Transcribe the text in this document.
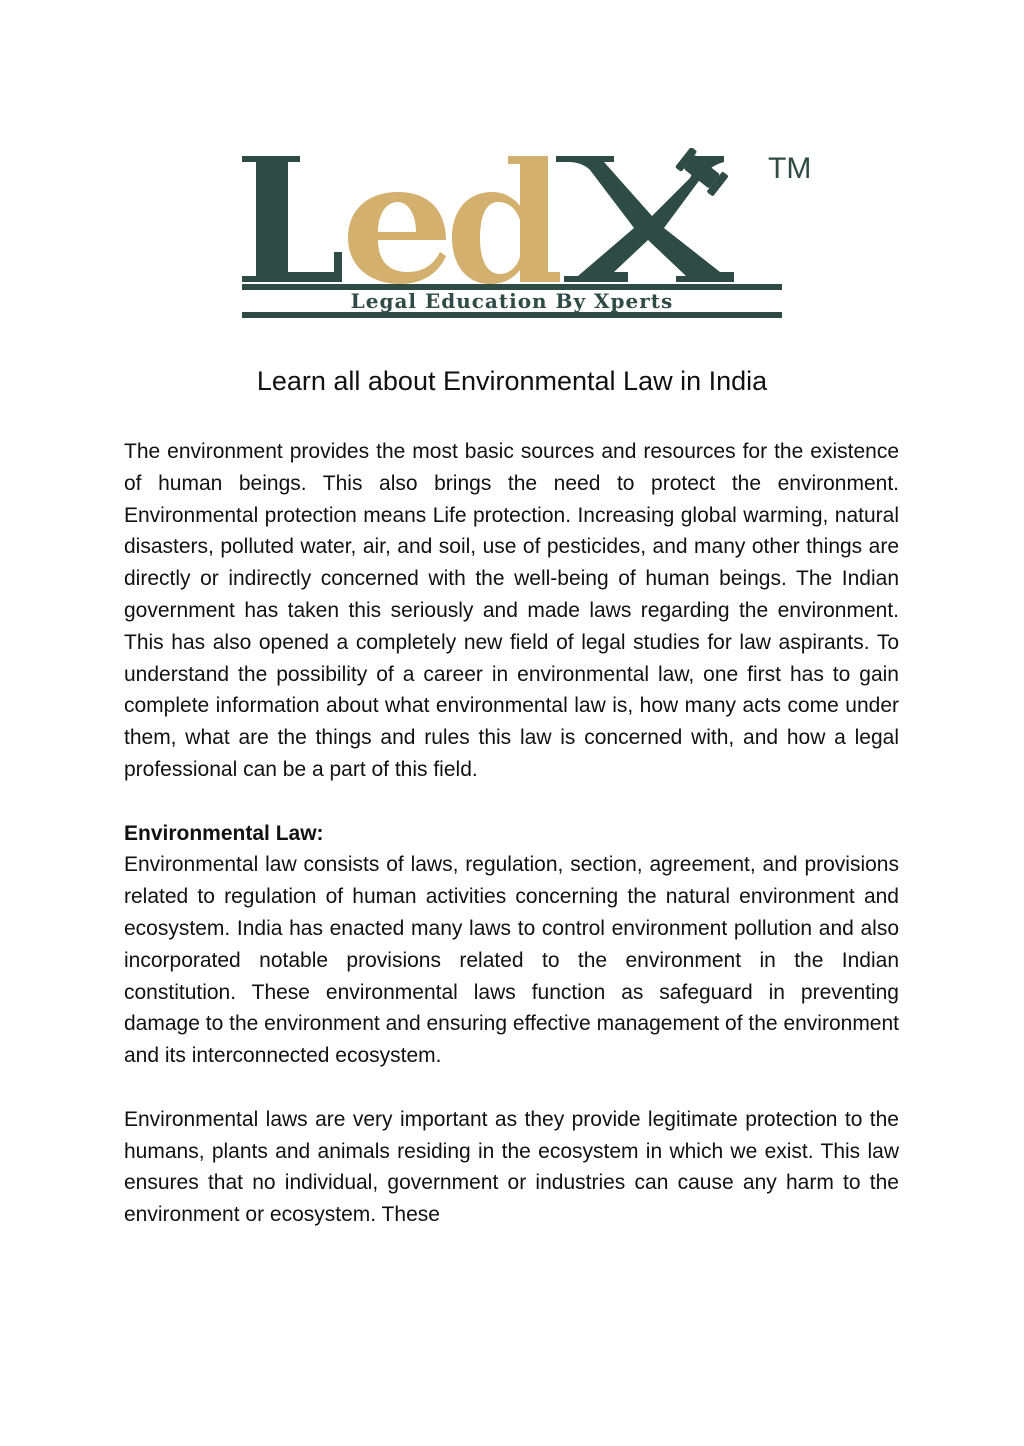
TM
Legal Education By Xperts
Learn all about Environmental Law in India

The environment provides the most basic sources and resources for the existence of human beings. This also brings the need to protect the environment. Environmental protection means Life protection. Increasing global warming, natural disasters, polluted water, air, and soil, use of pesticides, and many other things are directly or indirectly concerned with the well-being of human beings. The Indian government has taken this seriously and made laws regarding the environment. This has also opened a completely new field of legal studies for law aspirants. To understand the possibility of a career in environmental law, one first has to gain complete information about what environmental law is, how many acts come under them, what are the things and rules this law is concerned with, and how a legal professional can be a part of this field.

Environmental Law:

Environmental law consists of laws, regulation, section, agreement, and provisions related to regulation of human activities concerning the natural environment and ecosystem. India has enacted many laws to control environment pollution and also incorporated notable provisions related to the environment in the Indian constitution. These environmental laws function as safeguard in preventing damage to the environment and ensuring effective management of the environment and its interconnected ecosystem.

Environmental laws are very important as they provide legitimate protection to the humans, plants and animals residing in the ecosystem in which we exist. This law ensures that no individual, government or industries can cause any harm to the environment or ecosystem. These
